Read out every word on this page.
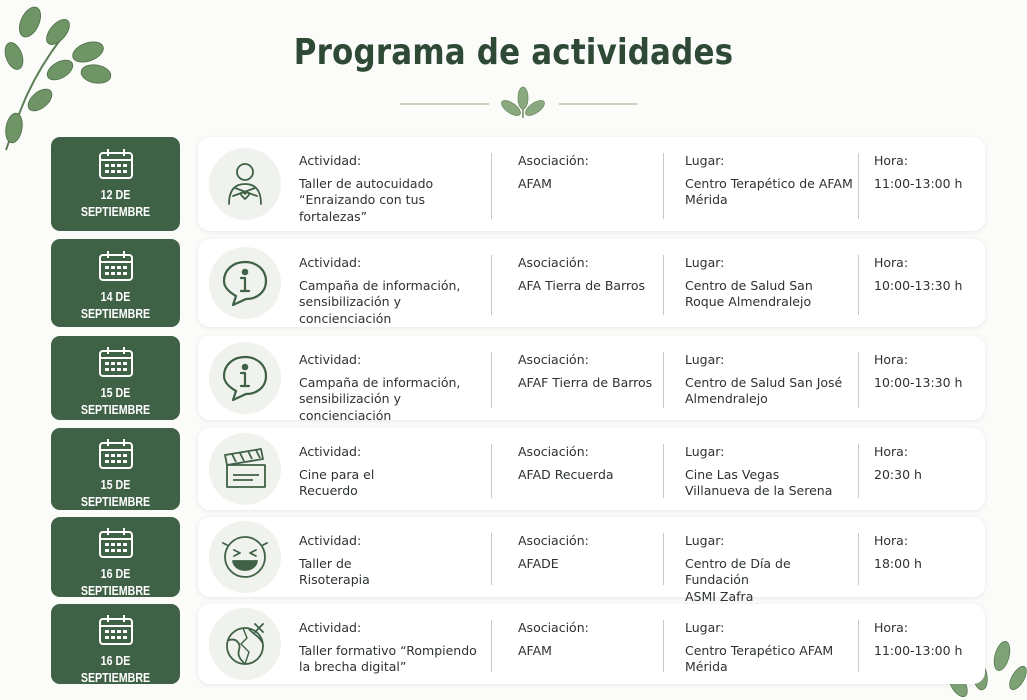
Programa de actividades
12 DE
SEPTIEMBRE
Actividad:
Taller de autocuidado
“Enraizando con tus
fortalezas”
Asociación:
AFAM
Lugar:
Centro Terapético de AFAM
Mérida
Hora:
11:00-13:00 h
14 DE
SEPTIEMBRE
Actividad:
Campaña de información,
sensibilización y
concienciación
Asociación:
AFA Tierra de Barros
Lugar:
Centro de Salud San
Roque Almendralejo
Hora:
10:00-13:30 h
15 DE
SEPTIEMBRE
Actividad:
Campaña de información,
sensibilización y
concienciación
Asociación:
AFAF Tierra de Barros
Lugar:
Centro de Salud San José
Almendralejo
Hora:
10:00-13:30 h
15 DE
SEPTIEMBRE
Actividad:
Cine para el
Recuerdo
Asociación:
AFAD Recuerda
Lugar:
Cine Las Vegas
Villanueva de la Serena
Hora:
20:30 h
16 DE
SEPTIEMBRE
Actividad:
Taller de
Risoterapia
Asociación:
AFADE
Lugar:
Centro de Día de Fundación
ASMI Zafra
Hora:
18:00 h
16 DE
SEPTIEMBRE
Actividad:
Taller formativo “Rompiendo
la brecha digital”
Asociación:
AFAM
Lugar:
Centro Terapético AFAM
Mérida
Hora:
11:00-13:00 h
